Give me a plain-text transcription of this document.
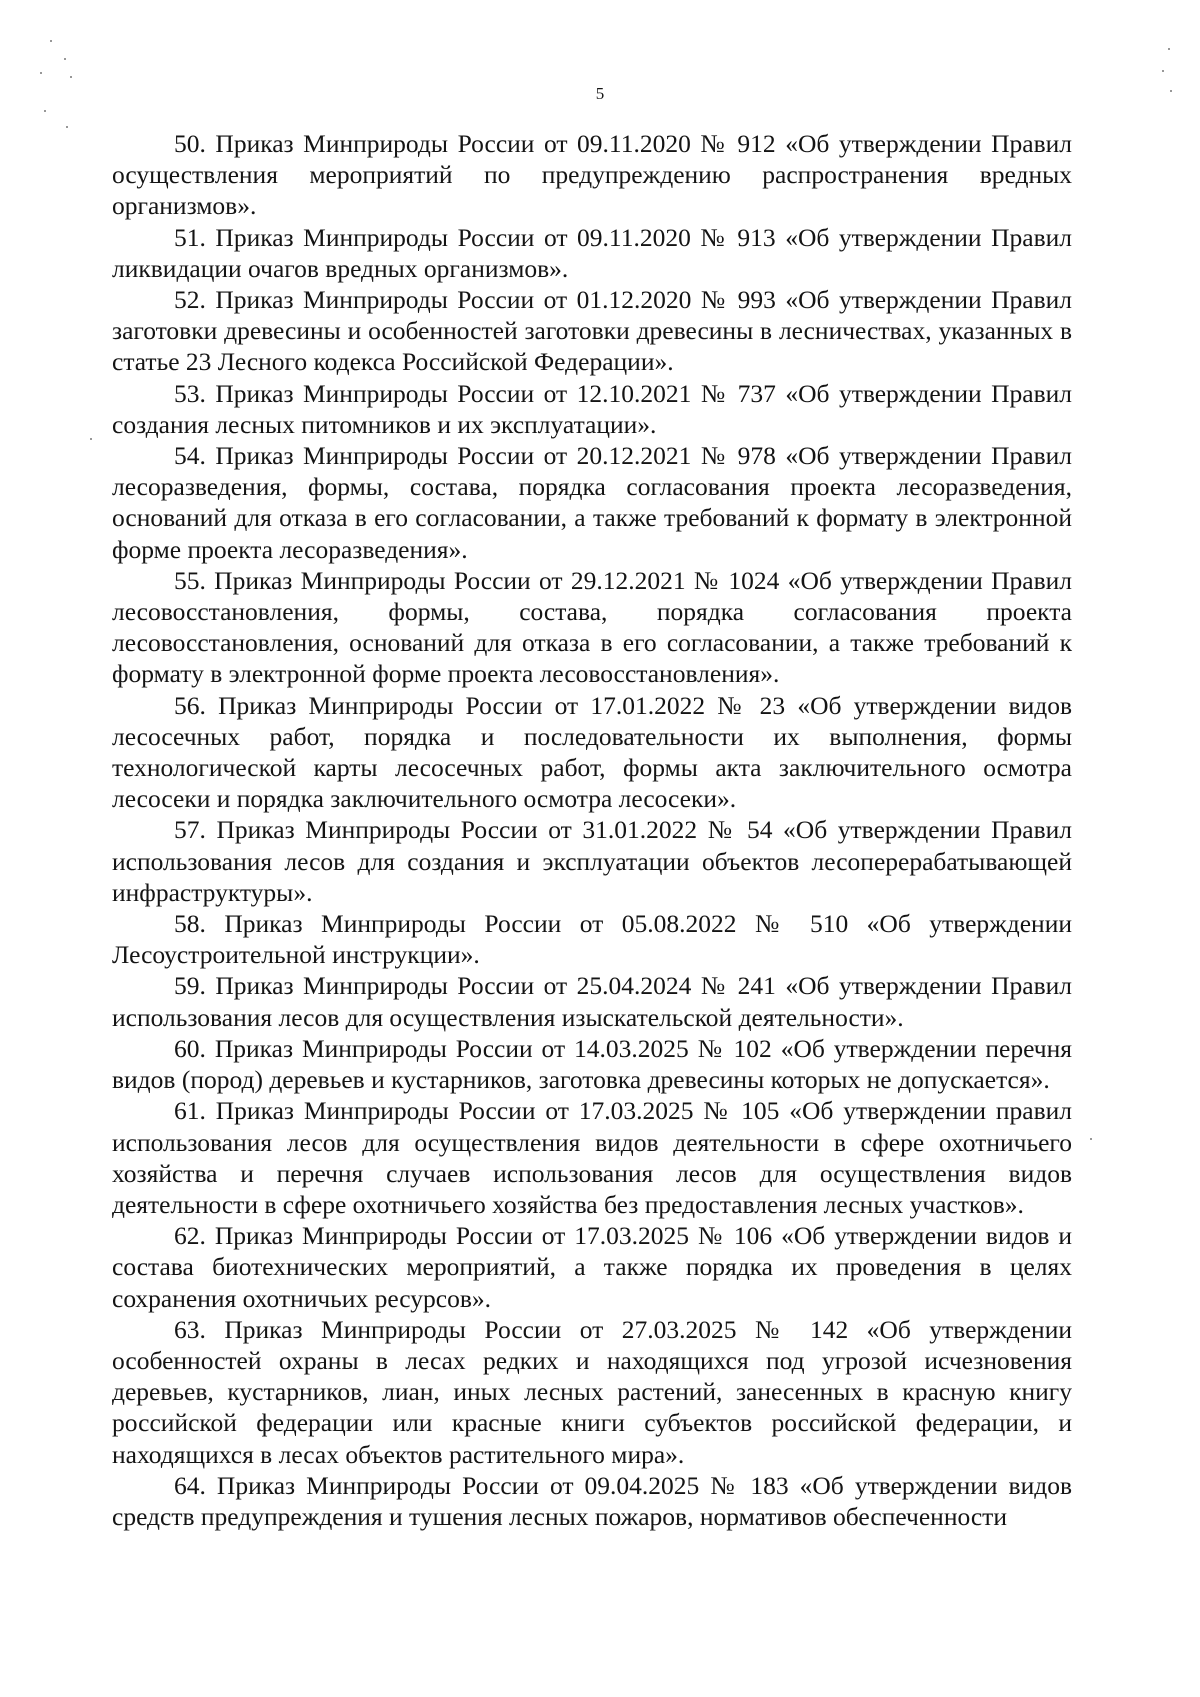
5

50. Приказ Минприроды России от 09.11.2020 № 912 «Об утверждении Правил осуществления мероприятий по предупреждению распространения вредных организмов».

51. Приказ Минприроды России от 09.11.2020 № 913 «Об утверждении Правил ликвидации очагов вредных организмов».

52. Приказ Минприроды России от 01.12.2020 № 993 «Об утверждении Правил заготовки древесины и особенностей заготовки древесины в лесничествах, указанных в статье 23 Лесного кодекса Российской Федерации».

53. Приказ Минприроды России от 12.10.2021 № 737 «Об утверждении Правил создания лесных питомников и их эксплуатации».

54. Приказ Минприроды России от 20.12.2021 № 978 «Об утверждении Правил лесоразведения, формы, состава, порядка согласования проекта лесоразведения, оснований для отказа в его согласовании, а также требований к формату в электронной форме проекта лесоразведения».

55. Приказ Минприроды России от 29.12.2021 № 1024 «Об утверждении Правил лесовосстановления, формы, состава, порядка согласования проекта лесовосстановления, оснований для отказа в его согласовании, а также требований к формату в электронной форме проекта лесовосстановления».

56. Приказ Минприроды России от 17.01.2022 № 23 «Об утверждении видов лесосечных работ, порядка и последовательности их выполнения, формы технологической карты лесосечных работ, формы акта заключительного осмотра лесосеки и порядка заключительного осмотра лесосеки».

57. Приказ Минприроды России от 31.01.2022 № 54 «Об утверждении Правил использования лесов для создания и эксплуатации объектов лесоперерабатывающей инфраструктуры».

58. Приказ Минприроды России от 05.08.2022 № 510 «Об утверждении Лесоустроительной инструкции».

59. Приказ Минприроды России от 25.04.2024 № 241 «Об утверждении Правил использования лесов для осуществления изыскательской деятельности».

60. Приказ Минприроды России от 14.03.2025 № 102 «Об утверждении перечня видов (пород) деревьев и кустарников, заготовка древесины которых не допускается».

61. Приказ Минприроды России от 17.03.2025 № 105 «Об утверждении правил использования лесов для осуществления видов деятельности в сфере охотничьего хозяйства и перечня случаев использования лесов для осуществления видов деятельности в сфере охотничьего хозяйства без предоставления лесных участков».

62. Приказ Минприроды России от 17.03.2025 № 106 «Об утверждении видов и состава биотехнических мероприятий, а также порядка их проведения в целях сохранения охотничьих ресурсов».

63. Приказ Минприроды России от 27.03.2025 № 142 «Об утверждении особенностей охраны в лесах редких и находящихся под угрозой исчезновения деревьев, кустарников, лиан, иных лесных растений, занесенных в красную книгу российской федерации или красные книги субъектов российской федерации, и находящихся в лесах объектов растительного мира».

64. Приказ Минприроды России от 09.04.2025 № 183 «Об утверждении видов средств предупреждения и тушения лесных пожаров, нормативов обеспеченности
